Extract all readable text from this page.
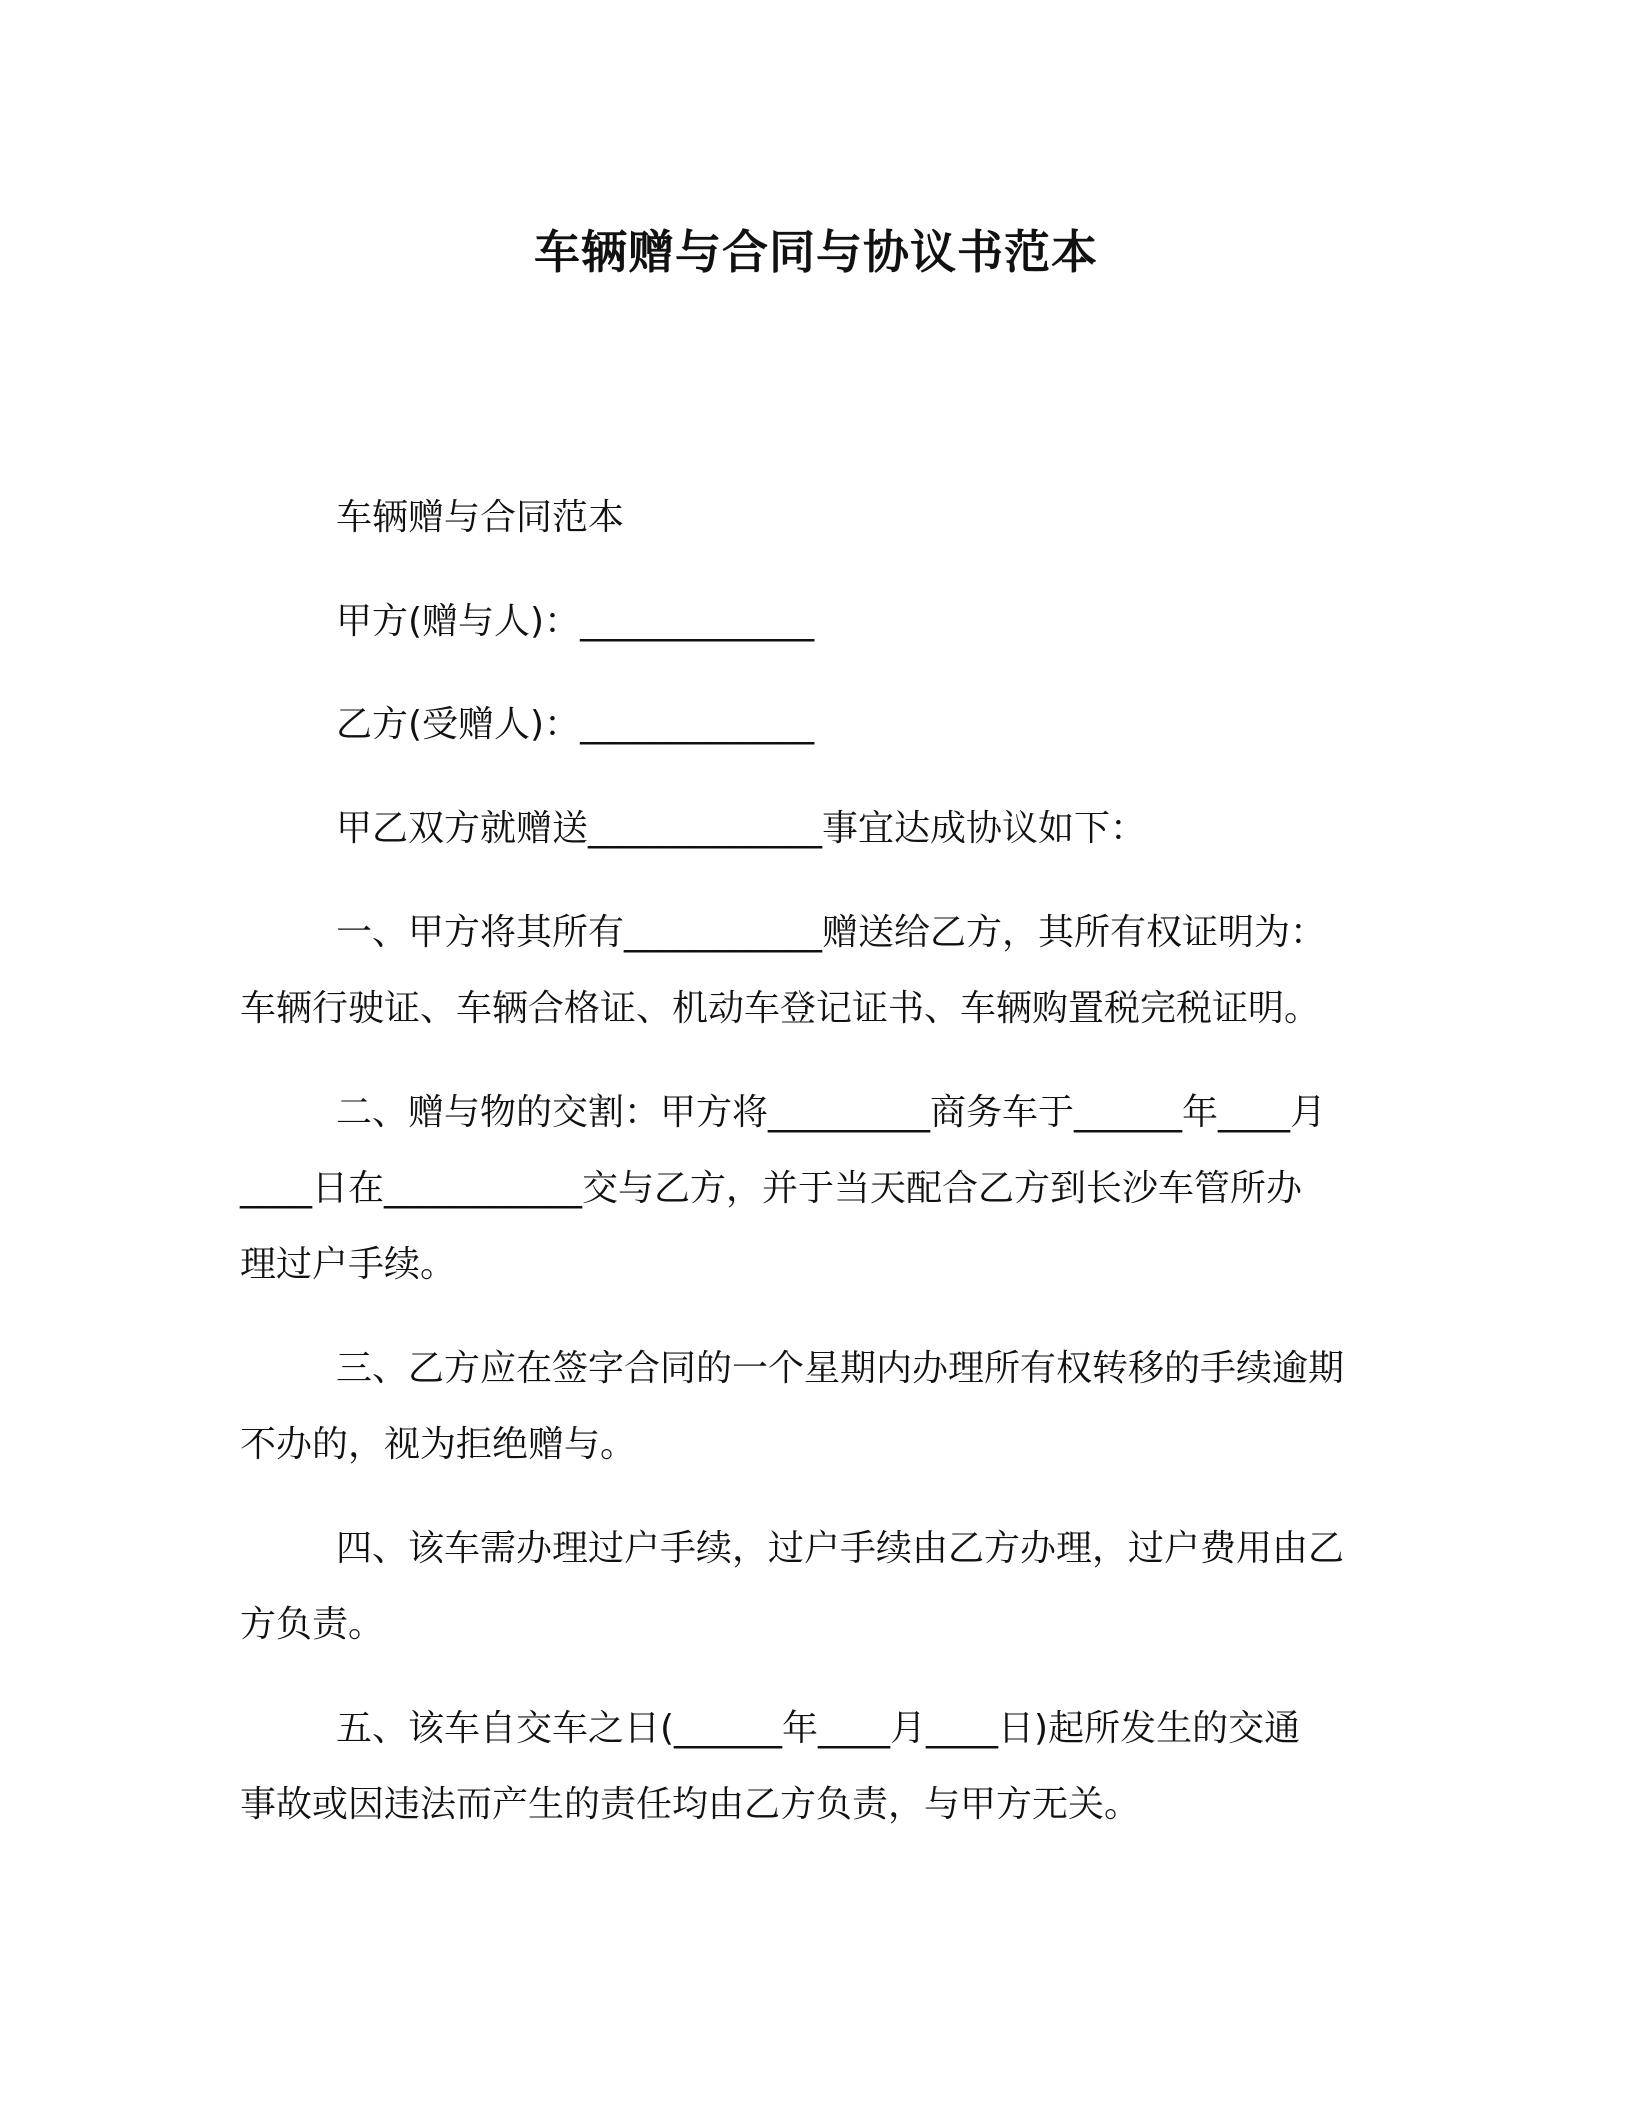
车辆赠与合同与协议书范本

车辆赠与合同范本

甲方(赠与人)：_____________

乙方(受赠人)：_____________

甲乙双方就赠送_____________事宜达成协议如下：

一、甲方将其所有___________赠送给乙方，其所有权证明为：

车辆行驶证、车辆合格证、机动车登记证书、车辆购置税完税证明。

二、赠与物的交割：甲方将_________商务车于______年____月

____日在___________交与乙方，并于当天配合乙方到长沙车管所办

理过户手续。

三、乙方应在签字合同的一个星期内办理所有权转移的手续逾期

不办的，视为拒绝赠与。

四、该车需办理过户手续，过户手续由乙方办理，过户费用由乙

方负责。

五、该车自交车之日(______年____月____日)起所发生的交通

事故或因违法而产生的责任均由乙方负责，与甲方无关。
